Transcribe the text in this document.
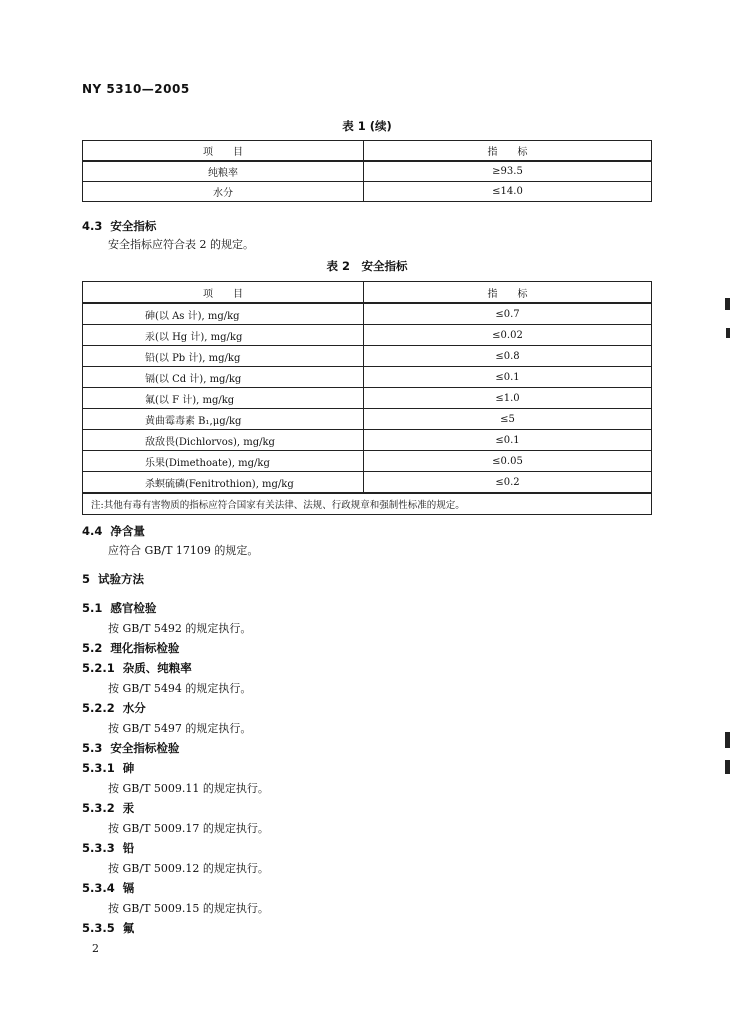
NY 5310—2005
表 1 (续)
项　　目	指　　标
纯粮率	≥93.5
水分	≤14.0
4.3 安全指标
安全指标应符合表 2 的规定。
表 2　安全指标
项　　目	指　　标
砷(以 As 计), mg/kg	≤0.7
汞(以 Hg 计), mg/kg	≤0.02
铅(以 Pb 计), mg/kg	≤0.8
镉(以 Cd 计), mg/kg	≤0.1
氟(以 F 计), mg/kg	≤1.0
黄曲霉毒素 B₁,μg/kg	≤5
敌敌畏(Dichlorvos), mg/kg	≤0.1
乐果(Dimethoate), mg/kg	≤0.05
杀螟硫磷(Fenitrothion), mg/kg	≤0.2
注:其他有毒有害物质的指标应符合国家有关法律、法规、行政规章和强制性标准的规定。	
4.4 净含量
应符合 GB/T 17109 的规定。
5 试验方法
5.1 感官检验
按 GB/T 5492 的规定执行。
5.2 理化指标检验
5.2.1 杂质、纯粮率
按 GB/T 5494 的规定执行。
5.2.2 水分
按 GB/T 5497 的规定执行。
5.3 安全指标检验
5.3.1 砷
按 GB/T 5009.11 的规定执行。
5.3.2 汞
按 GB/T 5009.17 的规定执行。
5.3.3 铅
按 GB/T 5009.12 的规定执行。
5.3.4 镉
按 GB/T 5009.15 的规定执行。
5.3.5 氟
2
